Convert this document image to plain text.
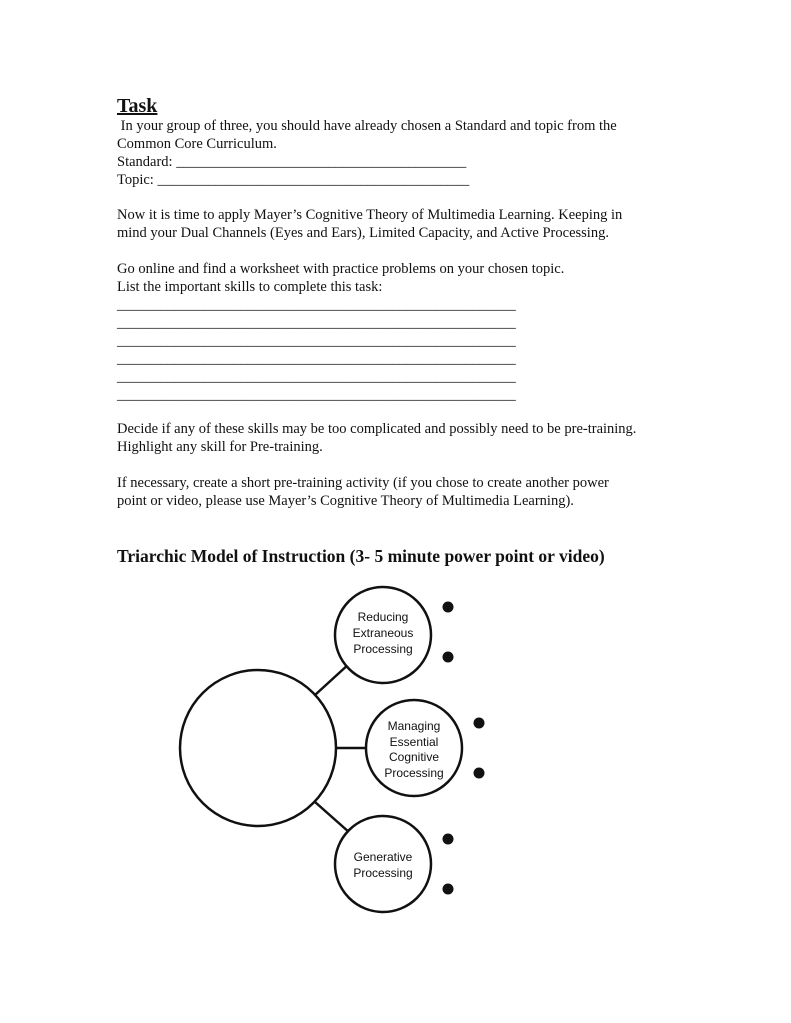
Task
In your group of three, you should have already chosen a Standard and topic from the
Common Core Curriculum.
Standard: ________________________________________
Topic: ___________________________________________
Now it is time to apply Mayer’s Cognitive Theory of Multimedia Learning. Keeping in
mind your Dual Channels (Eyes and Ears), Limited Capacity, and Active Processing.
Go online and find a worksheet with practice problems on your chosen topic.
List the important skills to complete this task:
_______________________________________________________
_______________________________________________________
_______________________________________________________
_______________________________________________________
_______________________________________________________
_______________________________________________________
Decide if any of these skills may be too complicated and possibly need to be pre-training.
Highlight any skill for Pre-training.
If necessary, create a short pre-training activity (if you chose to create another power
point or video, please use Mayer’s Cognitive Theory of Multimedia Learning).
Triarchic Model of Instruction (3- 5 minute power point or video)
Reducing
Extraneous
Processing
Managing
Essential
Cognitive
Processing
Generative
Processing
